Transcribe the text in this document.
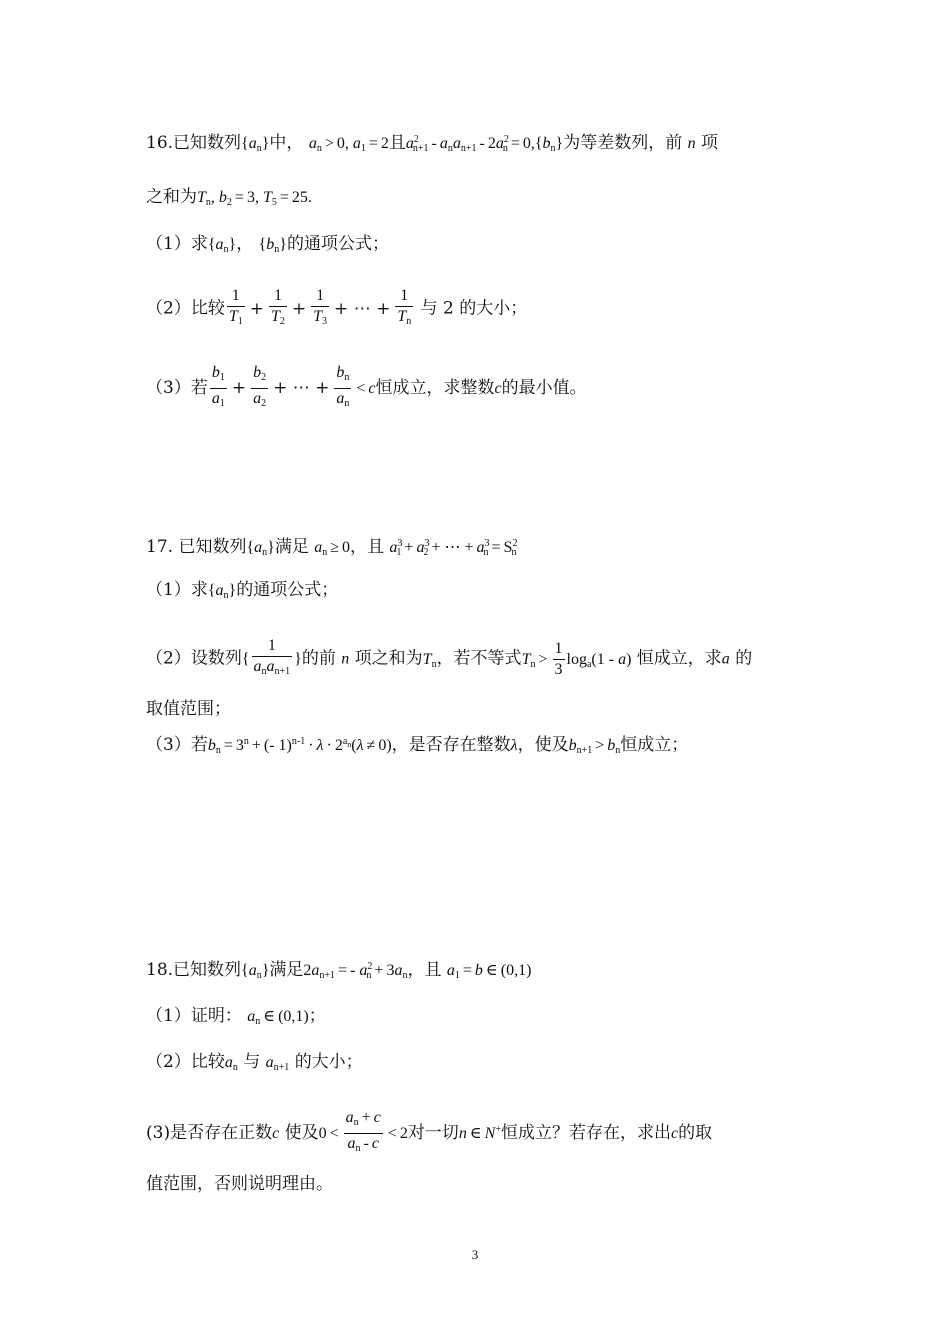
16.已知数列$\{a_n\}$中， $a_n > 0$, $a_1 = 2$且$a^2_{n+1} - a_na_{n+1} - 2a^2_n = 0,\{b_n\}$为等差数列，前 n 项
之和为$T_n$, $b_2 = 3$, $T_5 = 25$.
（1）求$\{a_n\}$， $\{b_n\}$的通项公式；
（2）比较 $\frac{1}{T_1} + \frac{1}{T_2} + \frac{1}{T_3}$ + ⋯ + $\frac{1}{T_n}$ 与 2 的大小；
（3）若 $\frac{b_1}{a_1} + \frac{b_2}{a_2}$ + ⋯ + $\frac{b_n}{a_n} < c$恒成立，求整数c的最小值。
17. 已知数列$\{a_n\}$满足 $a_n \ge 0$，且 $a^3_1 + a^3_2$ + ⋯ + $a^3_n = S^2_n$
（1）求$\{a_n\}$的通项公式；
（2）设数列{ $\frac{1}{a_na_{n+1}}$ }的前 n 项之和为$T_n$，若不等式$T_n > \frac{1}{3} \log_a(1 - a)$ 恒成立，求a 的
取值范围；
（3）若$b_n = 3^n$ + (- $1)^{n-1} \cdot \lambda \cdot 2^{a_n}(\lambda \ne 0)$，是否存在整数λ，使及$b_{n+1} > b_n$恒成立；
18.已知数列$\{a_n\}$满足$2a_{n+1}$ = - $a^2_n + 3a_n$，且 $a_1 = b$ ∈ (0,1)
（1）证明： $a_n$ ∈ (0,1)；
（2）比较$a_n$ 与 $a_{n+1}$ 的大小；
(3)是否存在正数c 使及$0 < \frac{a_n + c}{a_n - c} < 2$对一切n ∈ N+恒成立？若存在，求出c的取
值范围，否则说明理由。
3
